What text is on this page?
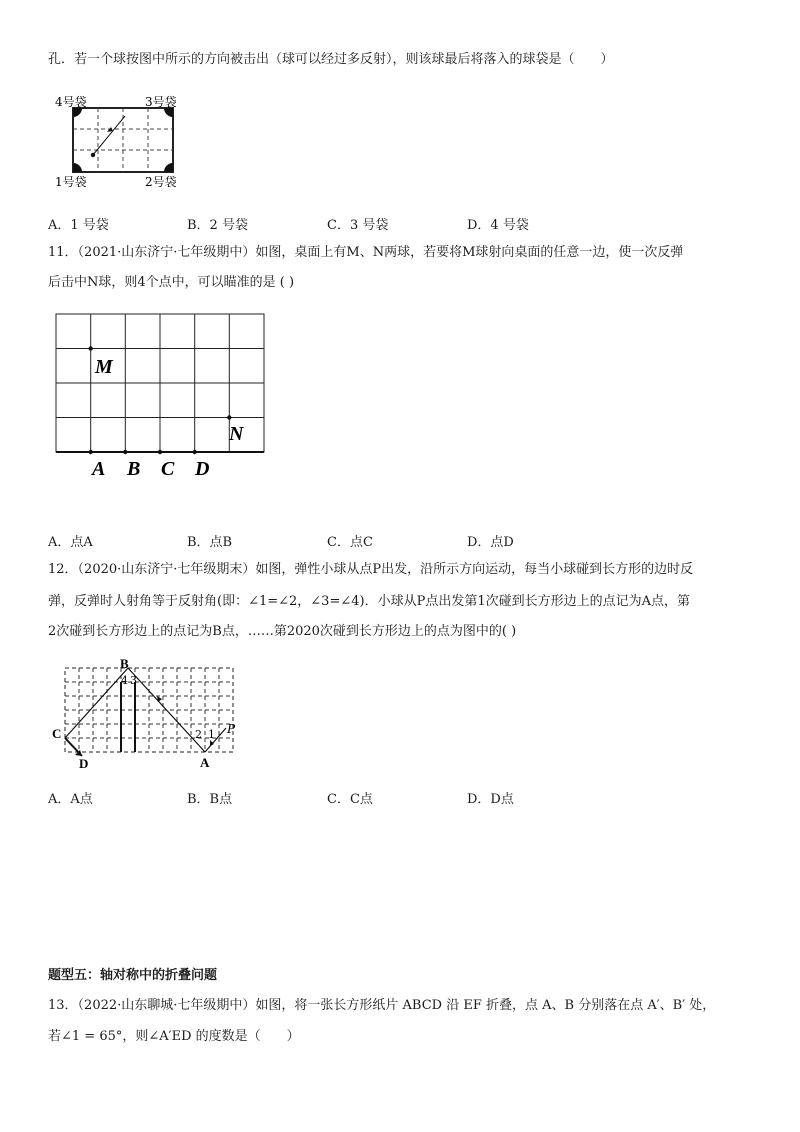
孔．若一个球按图中所示的方向被击出（球可以经过多反射），则该球最后将落入的球袋是（　　）
4号袋	3号袋
1号袋	2号袋
A．1 号袋	B．2 号袋	C．3 号袋	D．4 号袋
11．（2021·山东济宁·七年级期中）如图，桌面上有M、N两球，若要将M球射向桌面的任意一边，使一次反弹
后击中N球，则4个点中，可以瞄准的是 ( )
M
N
A B C D
A．点A	B．点B	C．点C	D．点D
12．（2020·山东济宁·七年级期末）如图，弹性小球从点P出发，沿所示方向运动，每当小球碰到长方形的边时反
弹，反弹时人射角等于反射角(即：∠1=∠2，∠3=∠4)．小球从P点出发第1次碰到长方形边上的点记为A点，第
2次碰到长方形边上的点记为B点，……第2020次碰到长方形边上的点为图中的( )
B
C
D	A
P
1
2
3
4
A．A点	B．B点	C．C点	D．D点
题型五：轴对称中的折叠问题
13．（2022·山东聊城·七年级期中）如图，将一张长方形纸片 ABCD 沿 EF 折叠，点 A、B 分别落在点 A′、B′ 处，
若∠1 = 65°，则∠A′ED 的度数是（　　）
